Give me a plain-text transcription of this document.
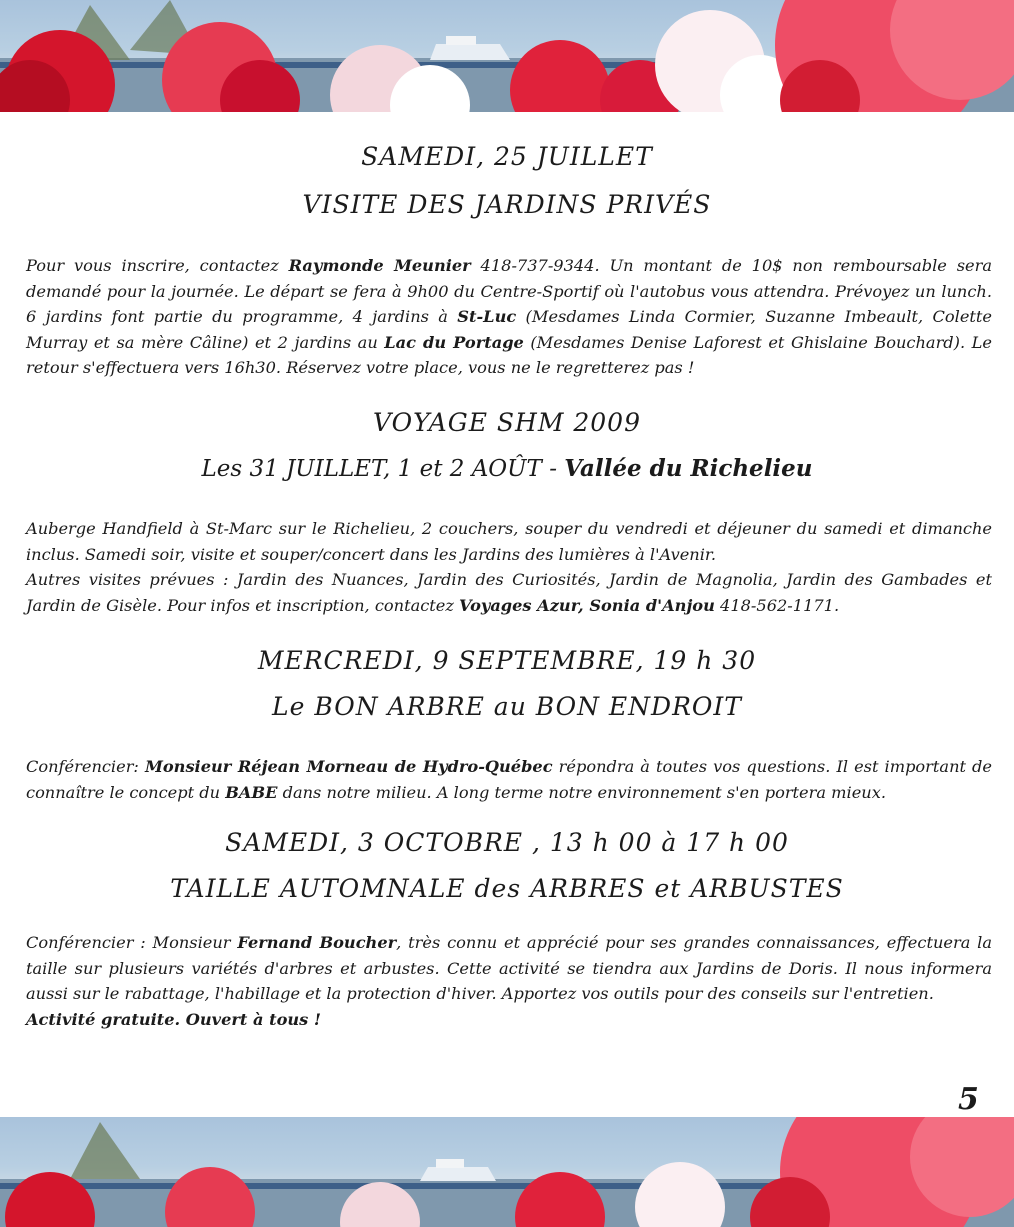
SAMEDI, 25 JUILLET
VISITE DES JARDINS PRIVÉS
Pour vous inscrire, contactez Raymonde Meunier 418-737-9344. Un montant de 10$ non remboursable sera demandé pour la journée. Le départ se fera à 9h00 du Centre-Sportif où l'autobus vous attendra. Prévoyez un lunch. 6 jardins font partie du programme, 4 jardins à St-Luc (Mesdames Linda Cormier, Suzanne Imbeault, Colette Murray et sa mère Câline) et 2 jardins au Lac du Portage (Mesdames Denise Laforest et Ghislaine Bouchard). Le retour s'effectuera vers 16h30. Réservez votre place, vous ne le regretterez pas !
VOYAGE SHM 2009
Les 31 JUILLET, 1 et 2 AOÛT - Vallée du Richelieu
Auberge Handfield à St-Marc sur le Richelieu, 2 couchers, souper du vendredi et déjeuner du samedi et dimanche inclus. Samedi soir, visite et souper/concert dans les Jardins des lumières à l'Avenir.
Autres visites prévues : Jardin des Nuances, Jardin des Curiosités, Jardin de Magnolia, Jardin des Gambades et Jardin de Gisèle. Pour infos et inscription, contactez Voyages Azur, Sonia d'Anjou 418-562-1171.
MERCREDI, 9 SEPTEMBRE, 19 h 30
Le BON ARBRE au BON ENDROIT
Conférencier: Monsieur Réjean Morneau de Hydro-Québec répondra à toutes vos questions. Il est important de connaître le concept du BABE dans notre milieu. A long terme notre environnement s'en portera mieux.
SAMEDI, 3 OCTOBRE , 13 h 00 à 17 h 00
TAILLE AUTOMNALE des ARBRES et ARBUSTES
Conférencier : Monsieur Fernand Boucher, très connu et apprécié pour ses grandes connaissances, effectuera la taille sur plusieurs variétés d'arbres et arbustes. Cette activité se tiendra aux Jardins de Doris. Il nous informera aussi sur le rabattage, l'habillage et la protection d'hiver. Apportez vos outils pour des conseils sur l'entretien.
Activité gratuite. Ouvert à tous !
5
